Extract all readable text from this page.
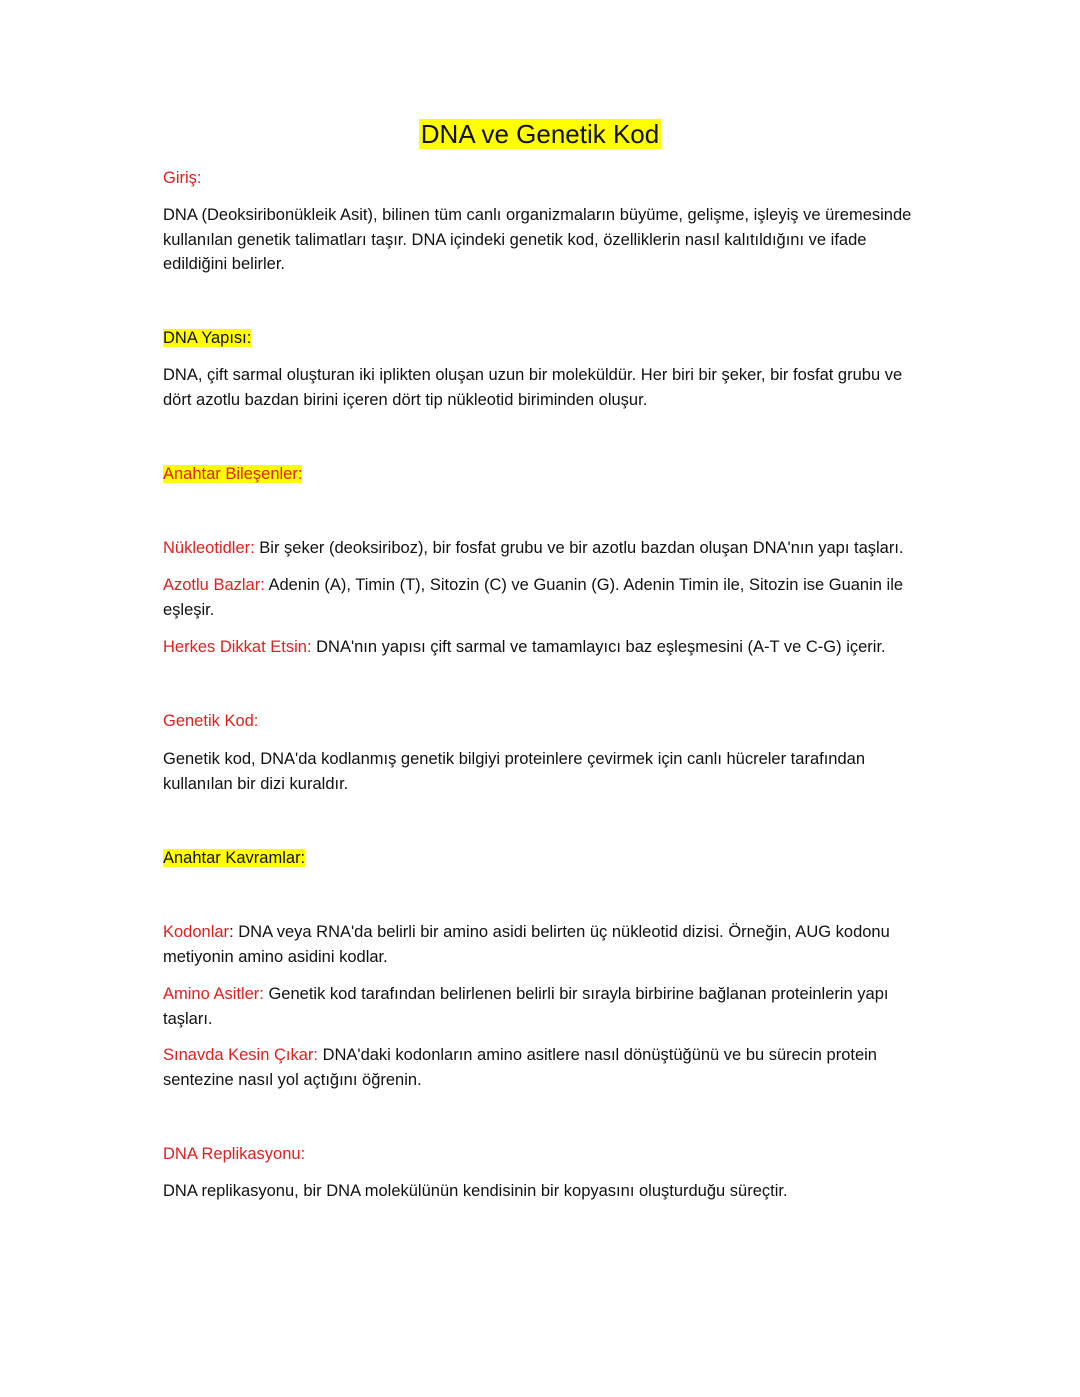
DNA ve Genetik Kod
Giriş:

DNA (Deoksiribonükleik Asit), bilinen tüm canlı organizmaların büyüme, gelişme, işleyiş ve üremesinde kullanılan genetik talimatları taşır. DNA içindeki genetik kod, özelliklerin nasıl kalıtıldığını ve ifade edildiğini belirler.

DNA Yapısı:

DNA, çift sarmal oluşturan iki iplikten oluşan uzun bir moleküldür. Her biri bir şeker, bir fosfat grubu ve dört azotlu bazdan birini içeren dört tip nükleotid biriminden oluşur.

Anahtar Bileşenler:

Nükleotidler: Bir şeker (deoksiriboz), bir fosfat grubu ve bir azotlu bazdan oluşan DNA'nın yapı taşları.

Azotlu Bazlar: Adenin (A), Timin (T), Sitozin (C) ve Guanin (G). Adenin Timin ile, Sitozin ise Guanin ile eşleşir.

Herkes Dikkat Etsin: DNA'nın yapısı çift sarmal ve tamamlayıcı baz eşleşmesini (A-T ve C-G) içerir.

Genetik Kod:

Genetik kod, DNA'da kodlanmış genetik bilgiyi proteinlere çevirmek için canlı hücreler tarafından kullanılan bir dizi kuraldır.

Anahtar Kavramlar:

Kodonlar: DNA veya RNA'da belirli bir amino asidi belirten üç nükleotid dizisi. Örneğin, AUG kodonu metiyonin amino asidini kodlar.

Amino Asitler: Genetik kod tarafından belirlenen belirli bir sırayla birbirine bağlanan proteinlerin yapı taşları.

Sınavda Kesin Çıkar: DNA'daki kodonların amino asitlere nasıl dönüştüğünü ve bu sürecin protein sentezine nasıl yol açtığını öğrenin.

DNA Replikasyonu:

DNA replikasyonu, bir DNA molekülünün kendisinin bir kopyasını oluşturduğu süreçtir.
